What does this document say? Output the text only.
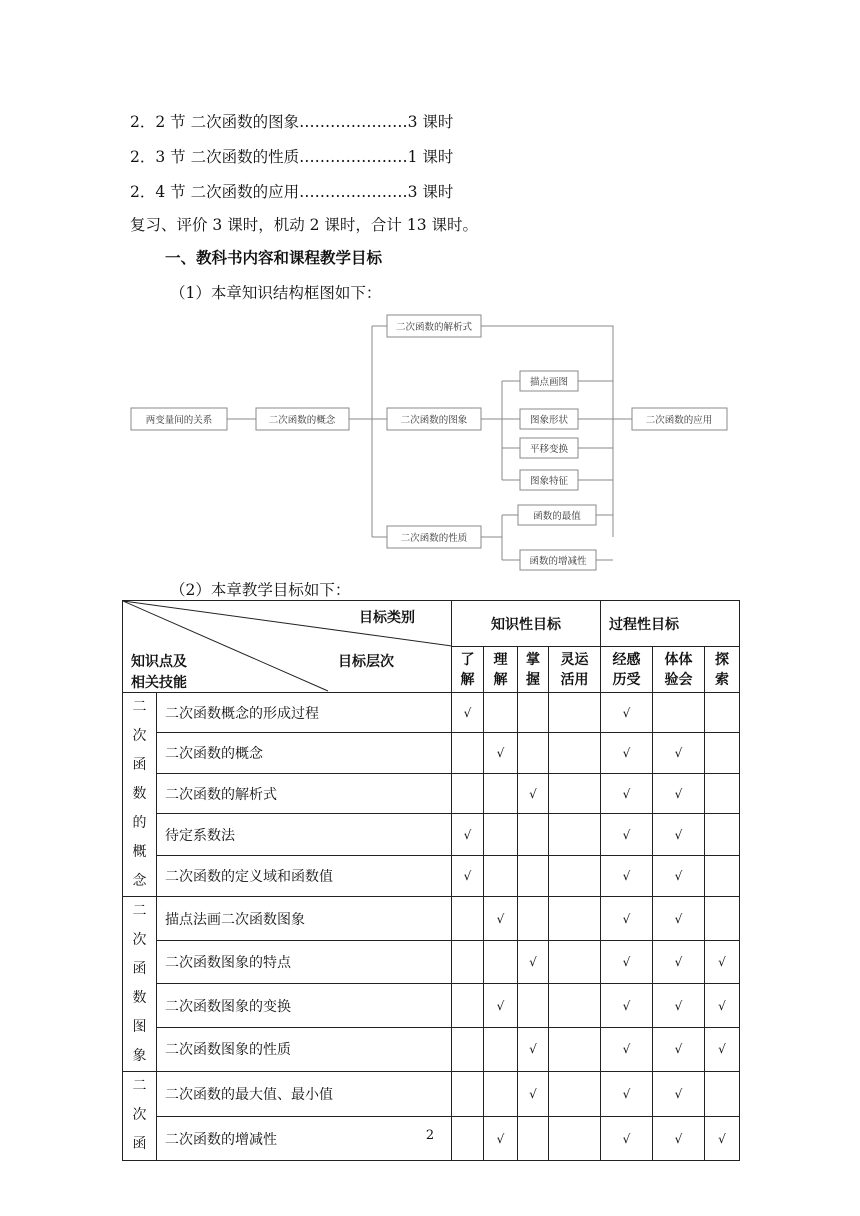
2．2 节 二次函数的图象…………………3 课时
2．3 节 二次函数的性质…………………1 课时
2．4 节 二次函数的应用…………………3 课时
复习、评价 3 课时，机动 2 课时，合计 13 课时。
一、教科书内容和课程教学目标
（1）本章知识结构框图如下：
两变量间的关系	二次函数的概念
二次函数的解析式
二次函数的图象
二次函数的性质
二次函数的应用
描点画图
图象形状
平移变换
图象特征
函数的最值
函数的增减性
（2）本章教学目标如下：
目标类别
目标层次
知识点及
相关技能		知识性目标				过程性目标		
		了解	理解	掌握	灵运活用	经感历受	体体验会	探索
二次函数的概念	二次函数概念的形成过程	√				√		
	二次函数的概念		√			√	√	
	二次函数的解析式			√		√	√	
	待定系数法	√				√	√	
	二次函数的定义域和函数值	√				√	√	
二次函数图象	描点法画二次函数图象		√			√	√	
	二次函数图象的特点			√		√	√	√
	二次函数图象的变换		√			√	√	√
	二次函数图象的性质			√		√	√	√
二次函	二次函数的最大值、最小值			√		√	√	
	二次函数的增减性		√			√	√	√
2
